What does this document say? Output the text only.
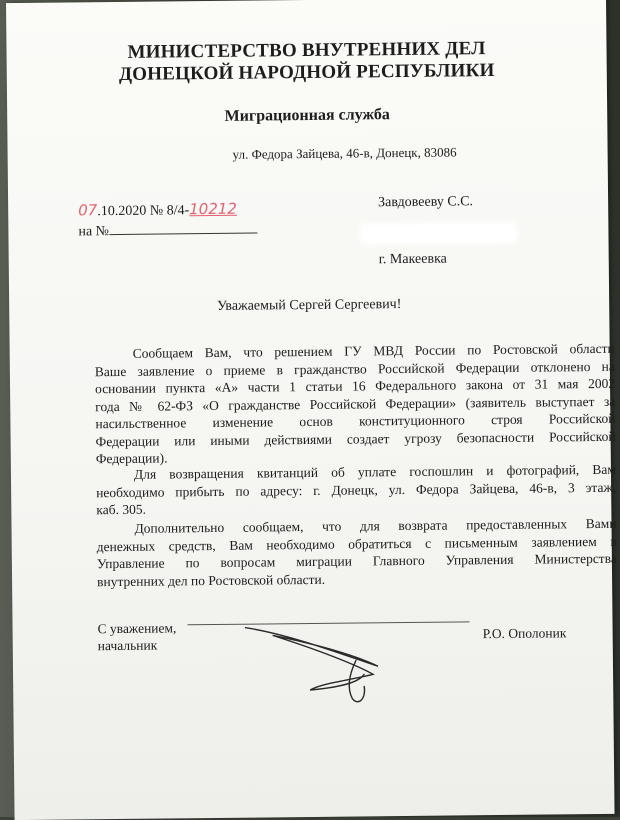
МИНИСТЕРСТВО ВНУТРЕННИХ ДЕЛ
ДОНЕЦКОЙ НАРОДНОЙ РЕСПУБЛИКИ
Миграционная служба
ул. Федора Зайцева, 46-в, Донецк, 83086
07.10.2020 № 8/4-10212
на №
Завдовееву С.С.
г. Макеевка
Уважаемый Сергей Сергеевич!
Сообщаем Вам, что решением ГУ МВД России по Ростовской области
Ваше заявление о приеме в гражданство Российской Федерации отклонено на
основании пункта «А» части 1 статьи 16 Федерального закона от 31 мая 2002
года № 62-ФЗ «О гражданстве Российской Федерации» (заявитель выступает за
насильственное изменение основ конституционного строя Российской
Федерации или иными действиями создает угрозу безопасности Российской
Федерации).
Для возвращения квитанций об уплате госпошлин и фотографий, Вам
необходимо прибыть по адресу: г. Донецк, ул. Федора Зайцева, 46-в, 3 этаж,
каб. 305.
Дополнительно сообщаем, что для возврата предоставленных Вами
денежных средств, Вам необходимо обратиться с письменным заявлением в
Управление по вопросам миграции Главного Управления Министерства
внутренних дел по Ростовской области.
С уважением,
начальник
Р.О. Ополоник
